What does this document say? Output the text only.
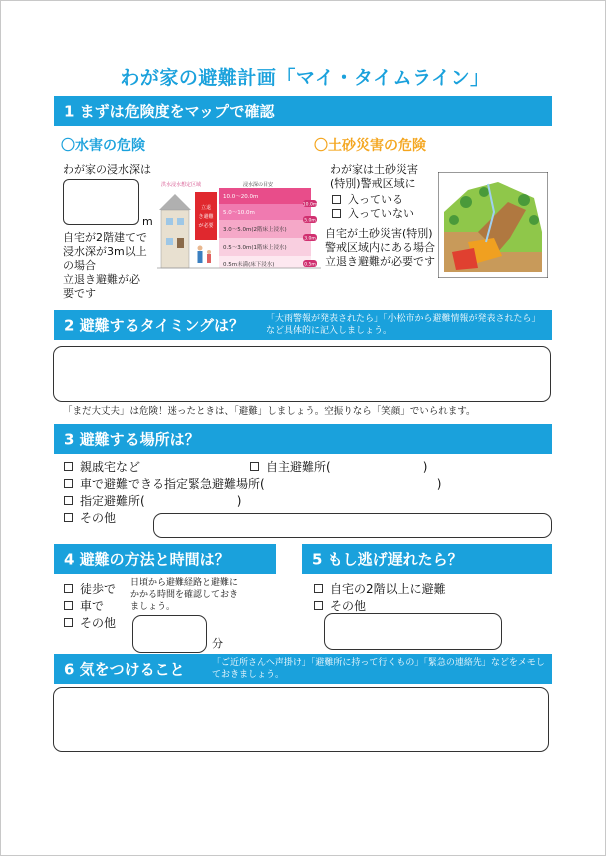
わが家の避難計画「マイ・タイムライン」
1 まずは危険度をマップで確認
〇水害の危険	〇土砂災害の危険
わが家の浸水深は
m
自宅が2階建てで
浸水深が3m以上
の場合
立退き避難が必
要です
洪水浸水想定区域	浸水深の目安
立退
き避難
が必要
10.0〜20.0m
5.0〜10.0m
3.0〜5.0m(2階床上浸水)
0.5〜3.0m(1階床上浸水)
0.5m未満(床下浸水)
10.0m
5.0m
3.0m
0.5m
わが家は土砂災害
(特別)警戒区域に
入っている
入っていない
自宅が土砂災害(特別)
警戒区域内にある場合
立退き避難が必要です
2 避難するタイミングは？ 「大雨警報が発表されたら」「小松市から避難情報が発表されたら」
など具体的に記入しましょう。
「まだ大丈夫」は危険！迷ったときは、「避難」しましょう。空振りなら「笑顔」でいられます。
3 避難する場所は？
親戚宅など	自主避難所(	)
車で避難できる指定緊急避難場所(	)
指定避難所(	)
その他
4 避難の方法と時間は？
徒歩で
車で
その他
日頃から避難経路と避難に
かかる時間を確認しておき
ましょう。
分
5 もし逃げ遅れたら？
自宅の2階以上に避難
その他
6 気をつけること	「ご近所さんへ声掛け」「避難所に持って行くもの」「緊急の連絡先」などをメモし
ておきましょう。
